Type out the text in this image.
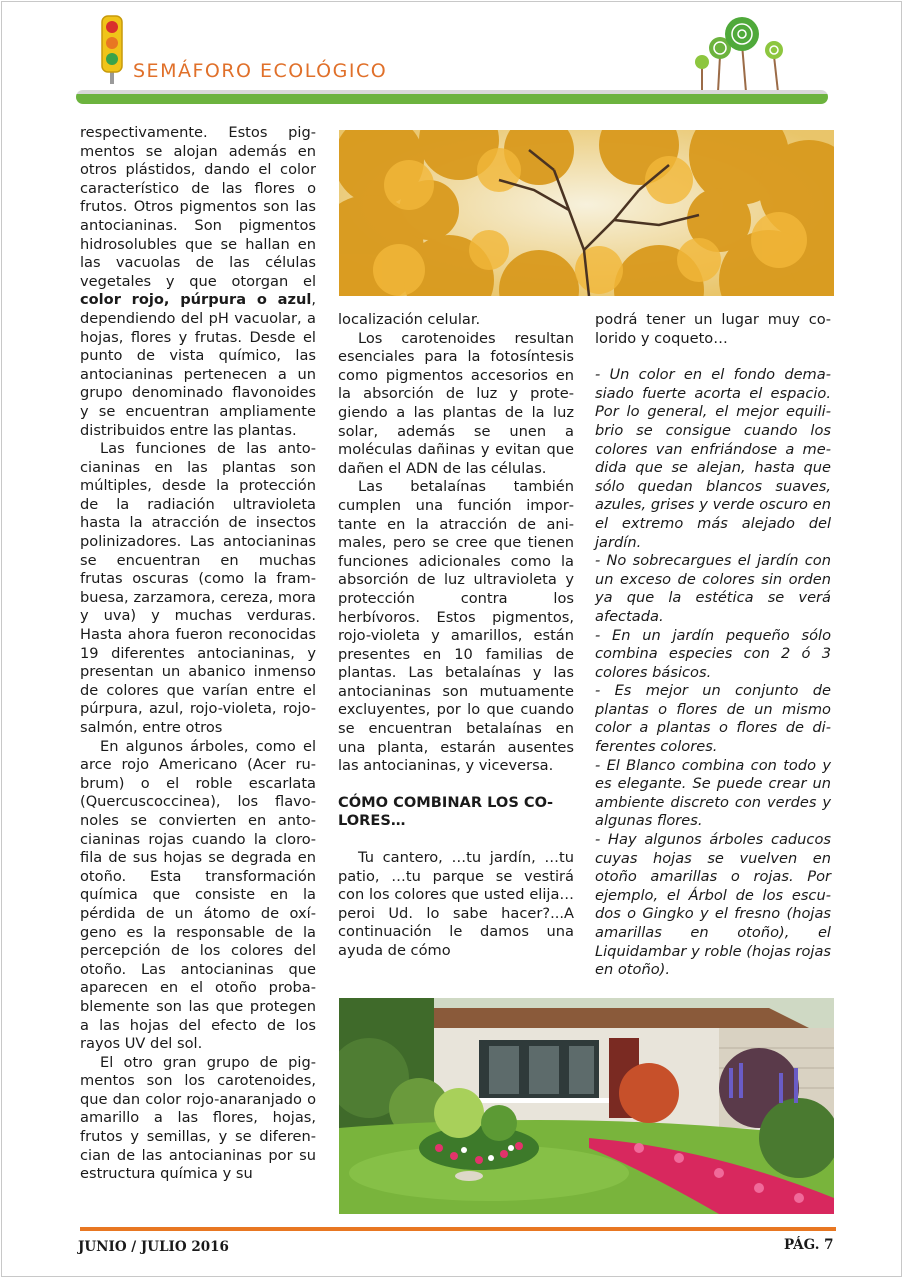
SEMÁFORO ECOLÓGICO

respectivamente. Estos pigmentos se alojan además en otros plástidos, dando el color característico de las flores o frutos. Otros pigmentos son las antocianinas. Son pigmentos hidrosolubles que se hallan en las vacuolas de las células vegetales y que otorgan el color rojo, púrpura o azul, dependiendo del pH vacuolar, a hojas, flores y frutas. Desde el punto de vista químico, las antocianinas pertenecen a un grupo denominado flavonoides y se encuentran ampliamente distribuidos entre las plantas.

Las funciones de las antocianinas en las plantas son múltiples, desde la protección de la radiación ultravioleta hasta la atracción de insectos polinizadores. Las antocianinas se encuentran en muchas frutas oscuras (como la frambuesa, zarzamora, cereza, mora y uva) y muchas verduras. Hasta ahora fueron reconocidas 19 diferentes antocianinas, y presentan un abanico inmenso de colores que varían entre el púrpura, azul, rojo-violeta, rojo-salmón, entre otros

En algunos árboles, como el arce rojo Americano (Acer rubrum) o el roble escarlata (Quercuscoccinea), los flavonoles se convierten en antocianinas rojas cuando la clorofila de sus hojas se degrada en otoño. Esta transformación química que consiste en la pérdida de un átomo de oxígeno es la responsable de la percepción de los colores del otoño. Las antocianinas que aparecen en el otoño probablemente son las que protegen a las hojas del efecto de los rayos UV del sol.

El otro gran grupo de pigmentos son los carotenoides, que dan color rojo-anaranjado o amarillo a las flores, hojas, frutos y semillas, y se diferencian de las antocianinas por su estructura química y su

localización celular.

Los carotenoides resultan esenciales para la fotosíntesis como pigmentos accesorios en la absorción de luz y protegiendo a las plantas de la luz solar, además se unen a moléculas dañinas y evitan que dañen el ADN de las células.

Las betalaínas también cumplen una función importante en la atracción de animales, pero se cree que tienen funciones adicionales como la absorción de luz ultravioleta y protección contra los herbívoros. Estos pigmentos, rojo-violeta y amarillos, están presentes en 10 familias de plantas. Las betalaínas y las antocianinas son mutuamente excluyentes, por lo que cuando se encuentran betalaínas en una planta, estarán ausentes las antocianinas, y viceversa.

CÓMO COMBINAR LOS COLORES…

Tu cantero, …tu jardín, …tu patio, …tu parque se vestirá con los colores que usted elija…peroi Ud. lo sabe hacer?...A continuación le damos una ayuda de cómo

podrá tener un lugar muy colorido y coqueto…

- Un color en el fondo demasiado fuerte acorta el espacio. Por lo general, el mejor equilibrio se consigue cuando los colores van enfriándose a medida que se alejan, hasta que sólo quedan blancos suaves, azules, grises y verde oscuro en el extremo más alejado del jardín.

- No sobrecargues el jardín con un exceso de colores sin orden ya que la estética se verá afectada.

- En un jardín pequeño sólo combina especies con 2 ó 3 colores básicos.

- Es mejor un conjunto de plantas o flores de un mismo color a plantas o flores de diferentes colores.

- El Blanco combina con todo y es elegante. Se puede crear un ambiente discreto con verdes y algunas flores.

- Hay algunos árboles caducos cuyas hojas se vuelven en otoño amarillas o rojas. Por ejemplo, el Árbol de los escudos o Gingko y el fresno (hojas amarillas en otoño), el Liquidambar y roble (hojas rojas en otoño).

JUNIO / JULIO 2016	PÁG. 7
